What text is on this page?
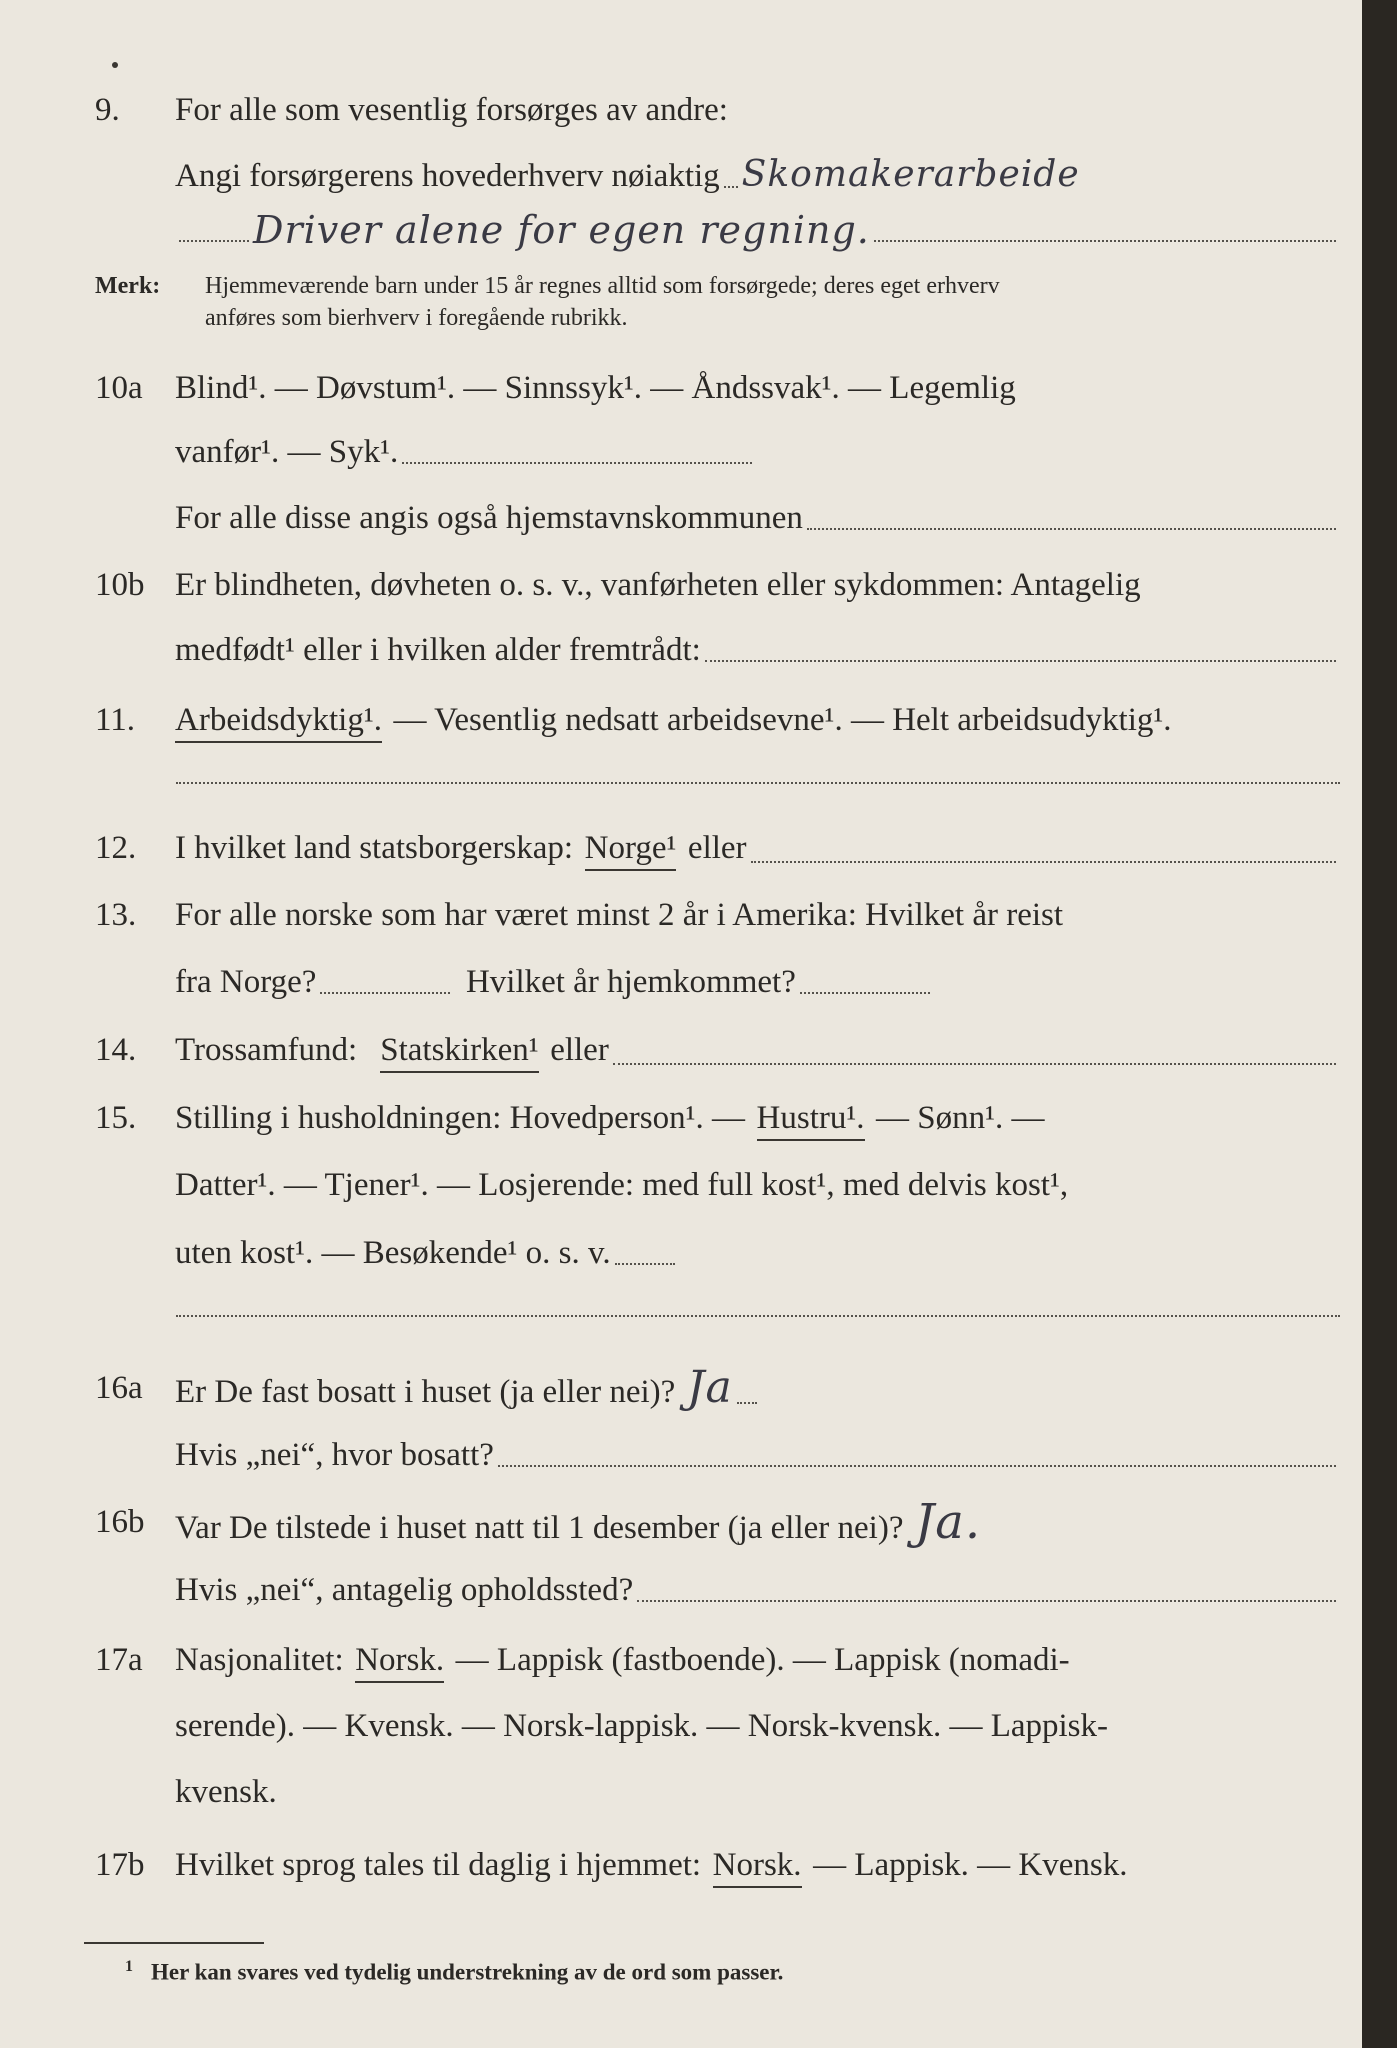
9.	For alle som vesentlig forsørges av andre:
Angi forsørgerens hovederhverv nøiaktig Skomakerarbeide
Driver alene for egen regning.
Merk: Hjemmeværende barn under 15 år regnes alltid som forsørgede; deres eget erhverv
anføres som bierhverv i foregående rubrikk.
10a Blind¹. — Døvstum¹. — Sinnssyk¹. — Åndssvak¹. — Legemlig
vanfør¹. — Syk¹.
For alle disse angis også hjemstavnskommunen
10b Er blindheten, døvheten o. s. v., vanførheten eller sykdommen: Antagelig
medfødt¹ eller i hvilken alder fremtrådt:
11.	Arbeidsdyktig¹. — Vesentlig nedsatt arbeidsevne¹. — Helt arbeidsudyktig¹.
12.	I hvilket land statsborgerskap: Norge¹ eller
13.	For alle norske som har været minst 2 år i Amerika: Hvilket år reist
fra Norge?	Hvilket år hjemkommet?
14.	Trossamfund: Statskirken¹ eller
15.	Stilling i husholdningen: Hovedperson¹. — Hustru¹. — Sønn¹. —
Datter¹. — Tjener¹. — Losjerende: med full kost¹, med delvis kost¹,
uten kost¹. — Besøkende¹ o. s. v.
16a Er De fast bosatt i huset (ja eller nei)? Ja
Hvis „nei“, hvor bosatt?
16b Var De tilstede i huset natt til 1 desember (ja eller nei)? Ja.
Hvis „nei“, antagelig opholdssted?
17a Nasjonalitet: Norsk. — Lappisk (fastboende). — Lappisk (nomadi-
serende). — Kvensk. — Norsk-lappisk. — Norsk-kvensk. — Lappisk-
kvensk.
17b Hvilket sprog tales til daglig i hjemmet: Norsk. — Lappisk. — Kvensk.
$^1$ Her kan svares ved tydelig understrekning av de ord som passer.
